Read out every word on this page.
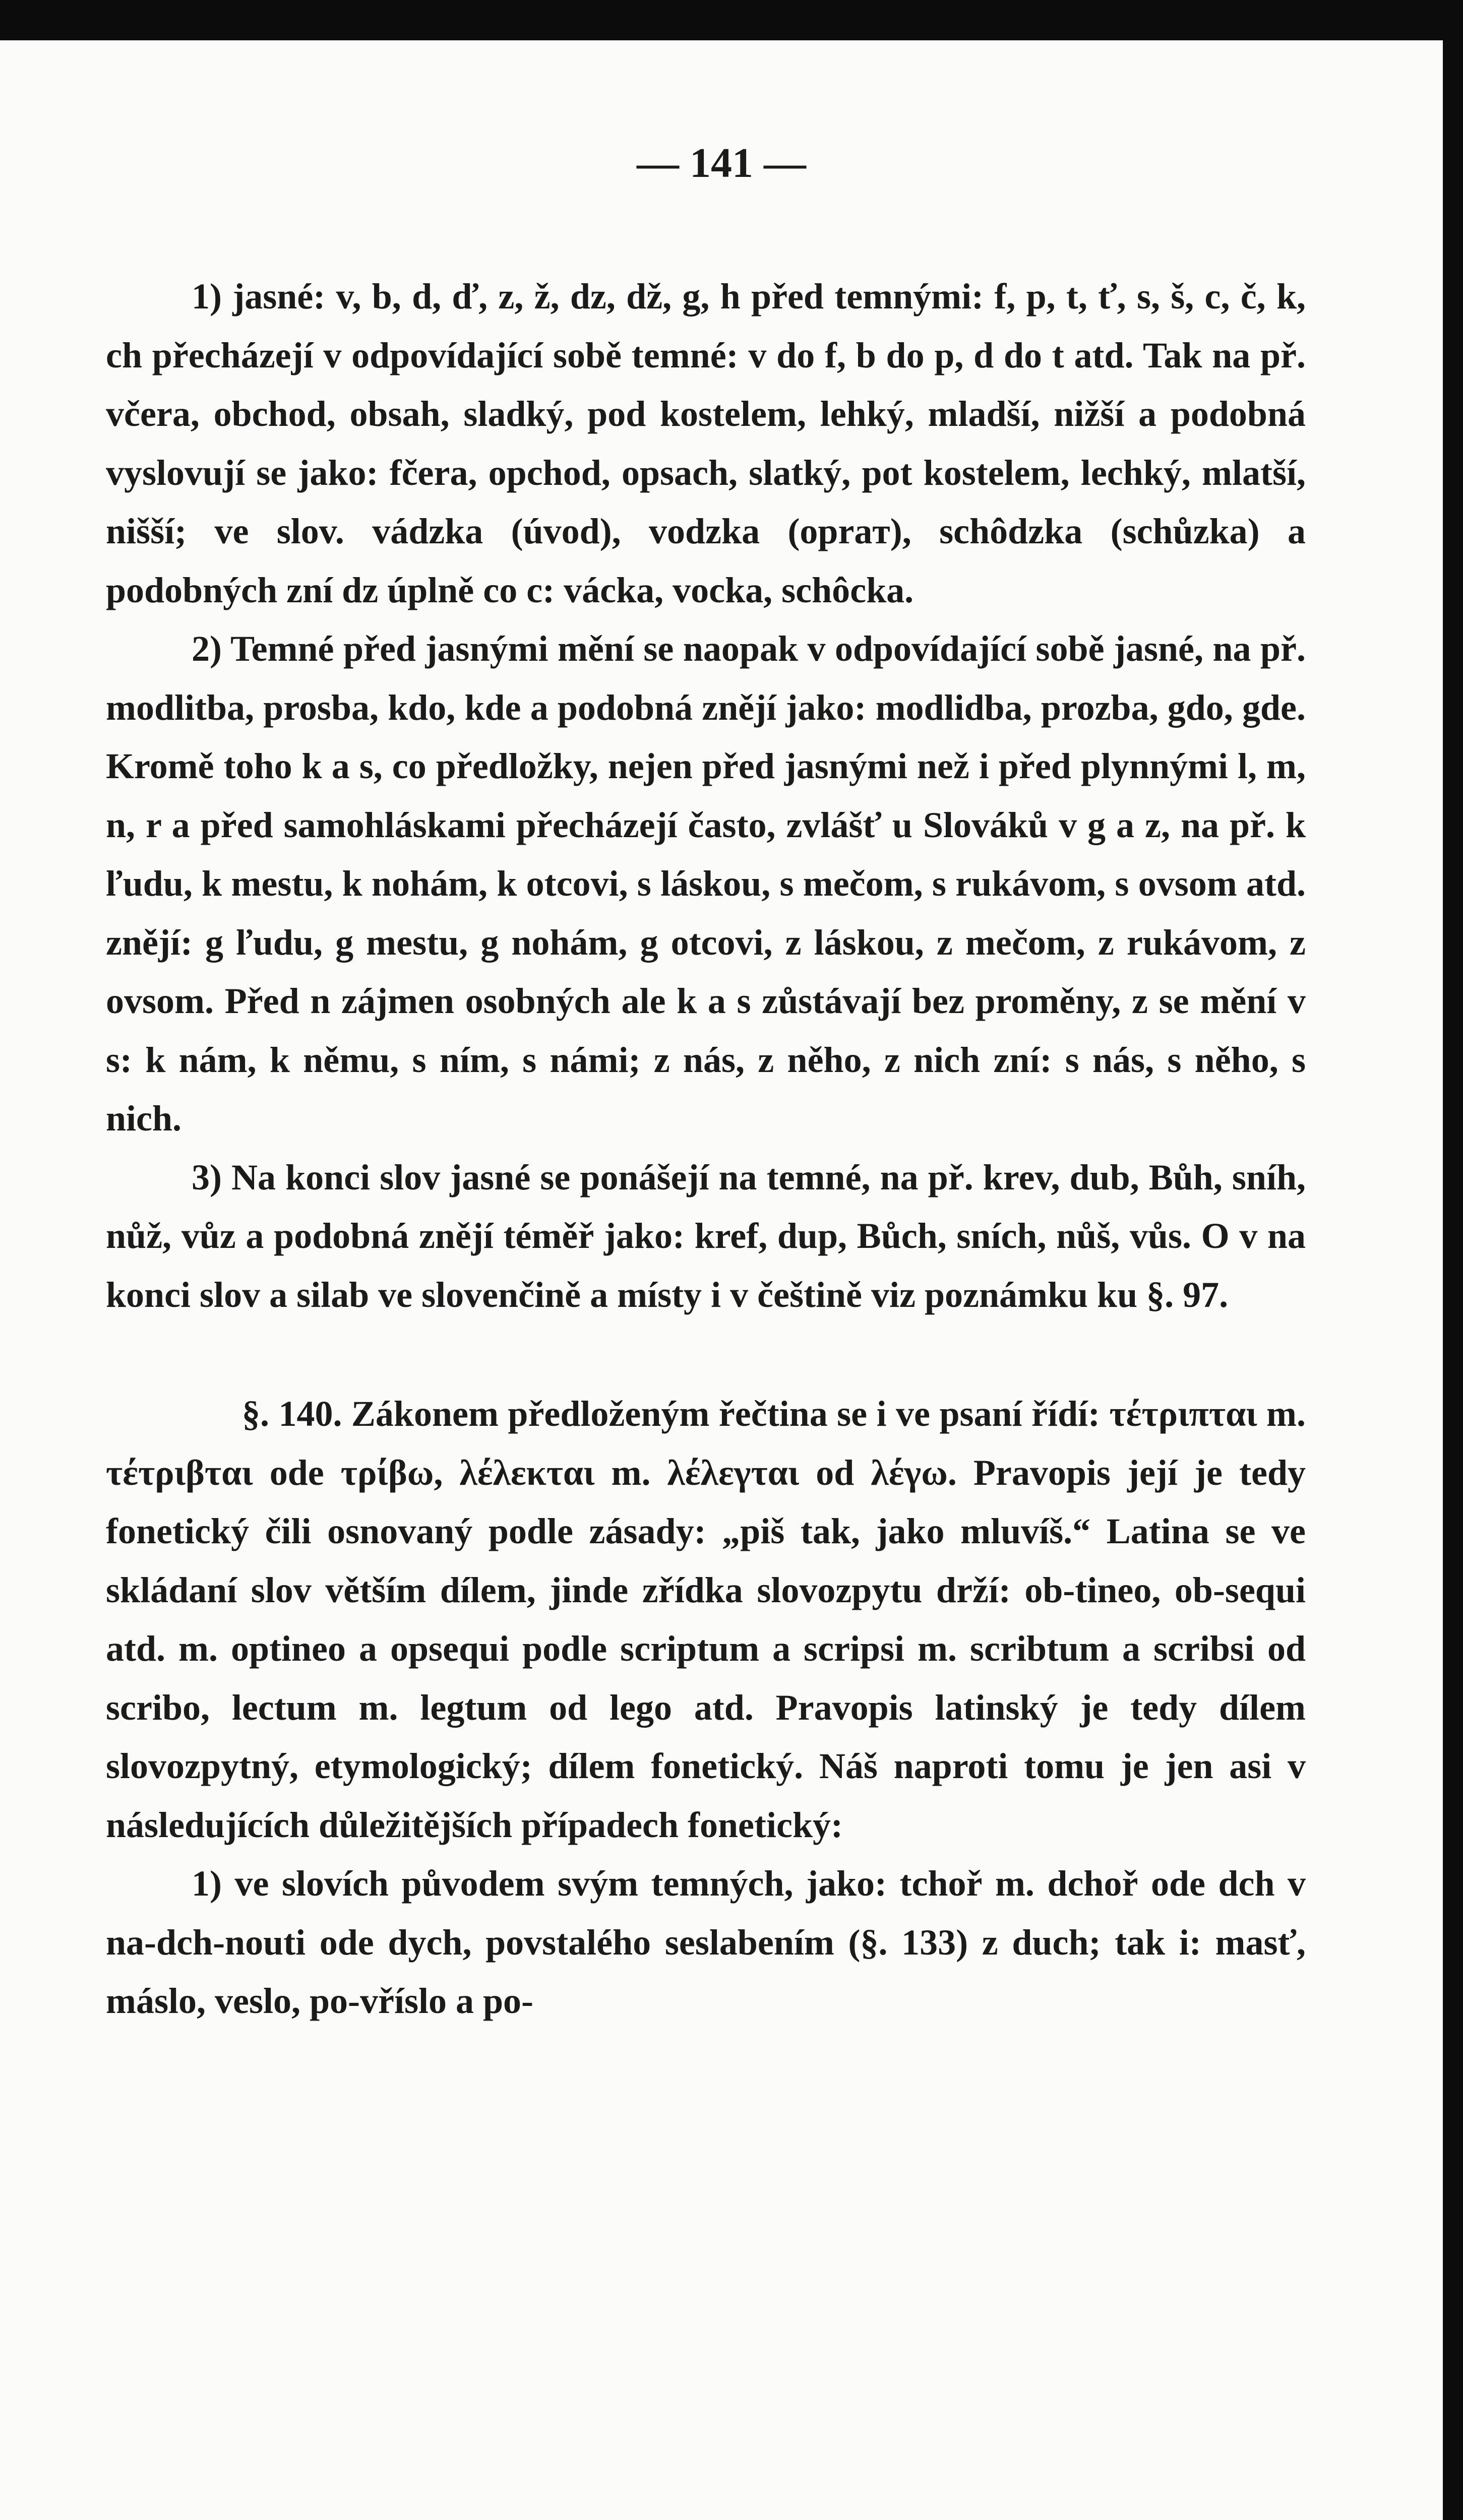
— 141 —

1) jasné: v, b, d, ď, z, ž, dz, dž, g, h před temnými: f, p, t, ť, s, š, c, č, k, ch přecházejí v odpovídající sobě temné: v do f, b do p, d do t atd. Tak na př. včera, obchod, obsah, sladký, pod kostelem, lehký, mladší, nižší a podobná vyslovují se jako: fčera, opchod, opsach, slatký, pot kostelem, lechký, mlatší, nišší; ve slov. vádzka (úvod), vodzka (opraт), schôdzka (schůzka) a podobných zní dz úplně co c: vácka, vocka, schôcka.

2) Temné před jasnými mění se naopak v odpovídající sobě jasné, na př. modlitba, prosba, kdo, kde a podobná znějí jako: modlidba, prozba, gdo, gde. Kromě toho k a s, co předložky, nejen před jasnými než i před plynnými l, m, n, r a před samohláskami přecházejí často, zvlášť u Slováků v g a z, na př. k ľudu, k mestu, k nohám, k otcovi, s láskou, s mečom, s rukávom, s ovsom atd. znějí: g ľudu, g mestu, g nohám, g otcovi, z láskou, z mečom, z rukávom, z ovsom. Před n zájmen osobných ale k a s zůstávají bez proměny, z se mění v s: k nám, k němu, s ním, s námi; z nás, z něho, z nich zní: s nás, s něho, s nich.

3) Na konci slov jasné se ponášejí na temné, na př. krev, dub, Bůh, sníh, nůž, vůz a podobná znějí téměř jako: kref, dup, Bůch, sních, nůš, vůs. O v na konci slov a silab ve slovenčině a místy i v češtině viz poznámku ku §. 97.

§. 140. Zákonem předloženým řečtina se i ve psaní řídí: τέτριπται m. τέτριβται ode τρίβω, λέλεκται m. λέλεγται od λέγω. Pravopis její je tedy fonetický čili osnovaný podle zásady: „piš tak, jako mluvíš.“ Latina se ve skládaní slov větším dílem, jinde zřídka slovozpytu drží: ob-tineo, ob-sequi atd. m. optineo a opsequi podle scriptum a scripsi m. scribtum a scribsi od scribo, lectum m. legtum od lego atd. Pravopis latinský je tedy dílem slovozpytný, etymologický; dílem fonetický. Náš naproti tomu je jen asi v následujících důležitějších případech fonetický:

1) ve slovích původem svým temných, jako: tchoř m. dchoř ode dch v na-dch-nouti ode dych, povstalého seslabením (§. 133) z duch; tak i: masť, máslo, veslo, po-vříslo a po-
